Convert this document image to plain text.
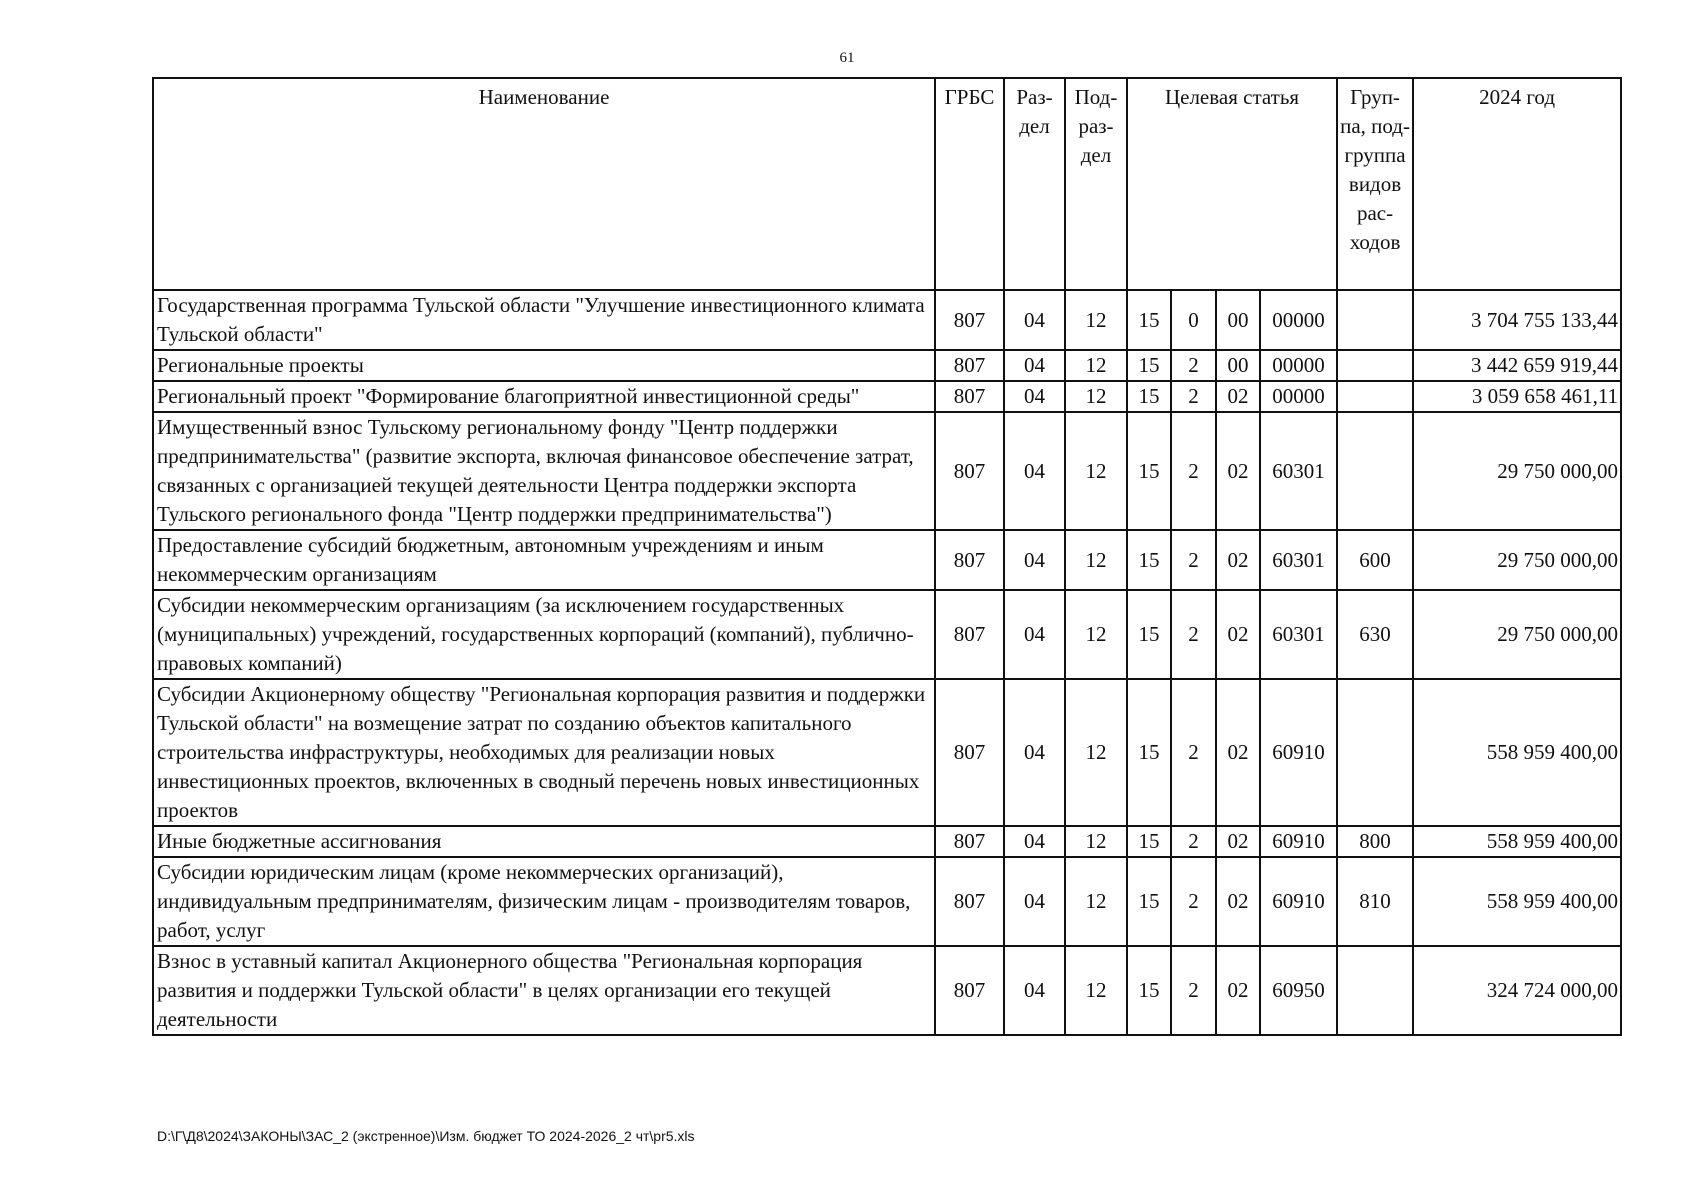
61
Наименование	ГРБС	Раз-дел	Под-раз-дел	Целевая статья				Груп-па, под-группа видов рас-ходов	2024 год
Государственная программа Тульской области "Улучшение инвестиционного климата Тульской области"	807	04	12	15	0	00	00000		3 704 755 133,44
Региональные проекты	807	04	12	15	2	00	00000		3 442 659 919,44
Региональный проект "Формирование благоприятной инвестиционной среды"	807	04	12	15	2	02	00000		3 059 658 461,11
Имущественный взнос Тульскому региональному фонду "Центр поддержки предпринимательства" (развитие экспорта, включая финансовое обеспечение затрат, связанных с организацией текущей деятельности Центра поддержки экспорта Тульского регионального фонда "Центр поддержки предпринимательства")	807	04	12	15	2	02	60301		29 750 000,00
Предоставление субсидий бюджетным, автономным учреждениям и иным некоммерческим организациям	807	04	12	15	2	02	60301	600	29 750 000,00
Субсидии некоммерческим организациям (за исключением государственных (муниципальных) учреждений, государственных корпораций (компаний), публично-правовых компаний)	807	04	12	15	2	02	60301	630	29 750 000,00
Субсидии Акционерному обществу "Региональная корпорация развития и поддержки Тульской области" на возмещение затрат по созданию объектов капитального строительства инфраструктуры, необходимых для реализации новых инвестиционных проектов, включенных в сводный перечень новых инвестиционных проектов	807	04	12	15	2	02	60910		558 959 400,00
Иные бюджетные ассигнования	807	04	12	15	2	02	60910	800	558 959 400,00
Субсидии юридическим лицам (кроме некоммерческих организаций), индивидуальным предпринимателям, физическим лицам - производителям товаров, работ, услуг	807	04	12	15	2	02	60910	810	558 959 400,00
Взнос в уставный капитал Акционерного общества "Региональная корпорация развития и поддержки Тульской области" в целях организации его текущей деятельности	807	04	12	15	2	02	60950		324 724 000,00
D:\Г\Д8\2024\ЗАКОНЫ\ЗАС_2 (экстренное)\Изм. бюджет ТО 2024-2026_2 чт\pr5.xls
